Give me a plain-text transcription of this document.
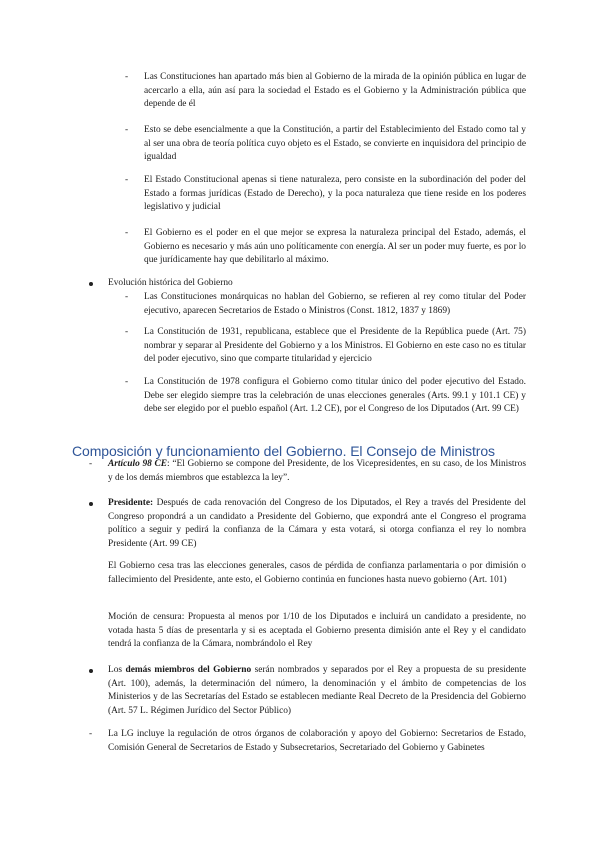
- Las Constituciones han apartado más bien al Gobierno de la mirada de la opinión pública en lugar de acercarlo a ella, aún así para la sociedad el Estado es el Gobierno y la Administración pública que depende de él
- Esto se debe esencialmente a que la Constitución, a partir del Establecimiento del Estado como tal y al ser una obra de teoría política cuyo objeto es el Estado, se convierte en inquisidora del principio de igualdad
- El Estado Constitucional apenas si tiene naturaleza, pero consiste en la subordinación del poder del Estado a formas jurídicas (Estado de Derecho), y la poca naturaleza que tiene reside en los poderes legislativo y judicial
- El Gobierno es el poder en el que mejor se expresa la naturaleza principal del Estado, además, el Gobierno es necesario y más aún uno políticamente con energía. Al ser un poder muy fuerte, es por lo que jurídicamente hay que debilitarlo al máximo.
Evolución histórica del Gobierno
- Las Constituciones monárquicas no hablan del Gobierno, se refieren al rey como titular del Poder ejecutivo, aparecen Secretarios de Estado o Ministros (Const. 1812, 1837 y 1869)
- La Constitución de 1931, republicana, establece que el Presidente de la República puede (Art. 75) nombrar y separar al Presidente del Gobierno y a los Ministros. El Gobierno en este caso no es titular del poder ejecutivo, sino que comparte titularidad y ejercicio
- La Constitución de 1978 configura el Gobierno como titular único del poder ejecutivo del Estado. Debe ser elegido siempre tras la celebración de unas elecciones generales (Arts. 99.1 y 101.1 CE) y debe ser elegido por el pueblo español (Art. 1.2 CE), por el Congreso de los Diputados (Art. 99 CE)
Composición y funcionamiento del Gobierno. El Consejo de Ministros
- Artículo 98 CE: “El Gobierno se compone del Presidente, de los Vicepresidentes, en su caso, de los Ministros y de los demás miembros que establezca la ley”.
Presidente: Después de cada renovación del Congreso de los Diputados, el Rey a través del Presidente del Congreso propondrá a un candidato a Presidente del Gobierno, que expondrá ante el Congreso el programa político a seguir y pedirá la confianza de la Cámara y esta votará, si otorga confianza el rey lo nombra Presidente (Art. 99 CE)
El Gobierno cesa tras las elecciones generales, casos de pérdida de confianza parlamentaria o por dimisión o fallecimiento del Presidente, ante esto, el Gobierno continúa en funciones hasta nuevo gobierno (Art. 101)
Moción de censura: Propuesta al menos por 1/10 de los Diputados e incluirá un candidato a presidente, no votada hasta 5 días de presentarla y si es aceptada el Gobierno presenta dimisión ante el Rey y el candidato tendrá la confianza de la Cámara, nombrándolo el Rey
Los demás miembros del Gobierno serán nombrados y separados por el Rey a propuesta de su presidente (Art. 100), además, la determinación del número, la denominación y el ámbito de competencias de los Ministerios y de las Secretarías del Estado se establecen mediante Real Decreto de la Presidencia del Gobierno (Art. 57 L. Régimen Jurídico del Sector Público)
- La LG incluye la regulación de otros órganos de colaboración y apoyo del Gobierno: Secretarios de Estado, Comisión General de Secretarios de Estado y Subsecretarios, Secretariado del Gobierno y Gabinetes
